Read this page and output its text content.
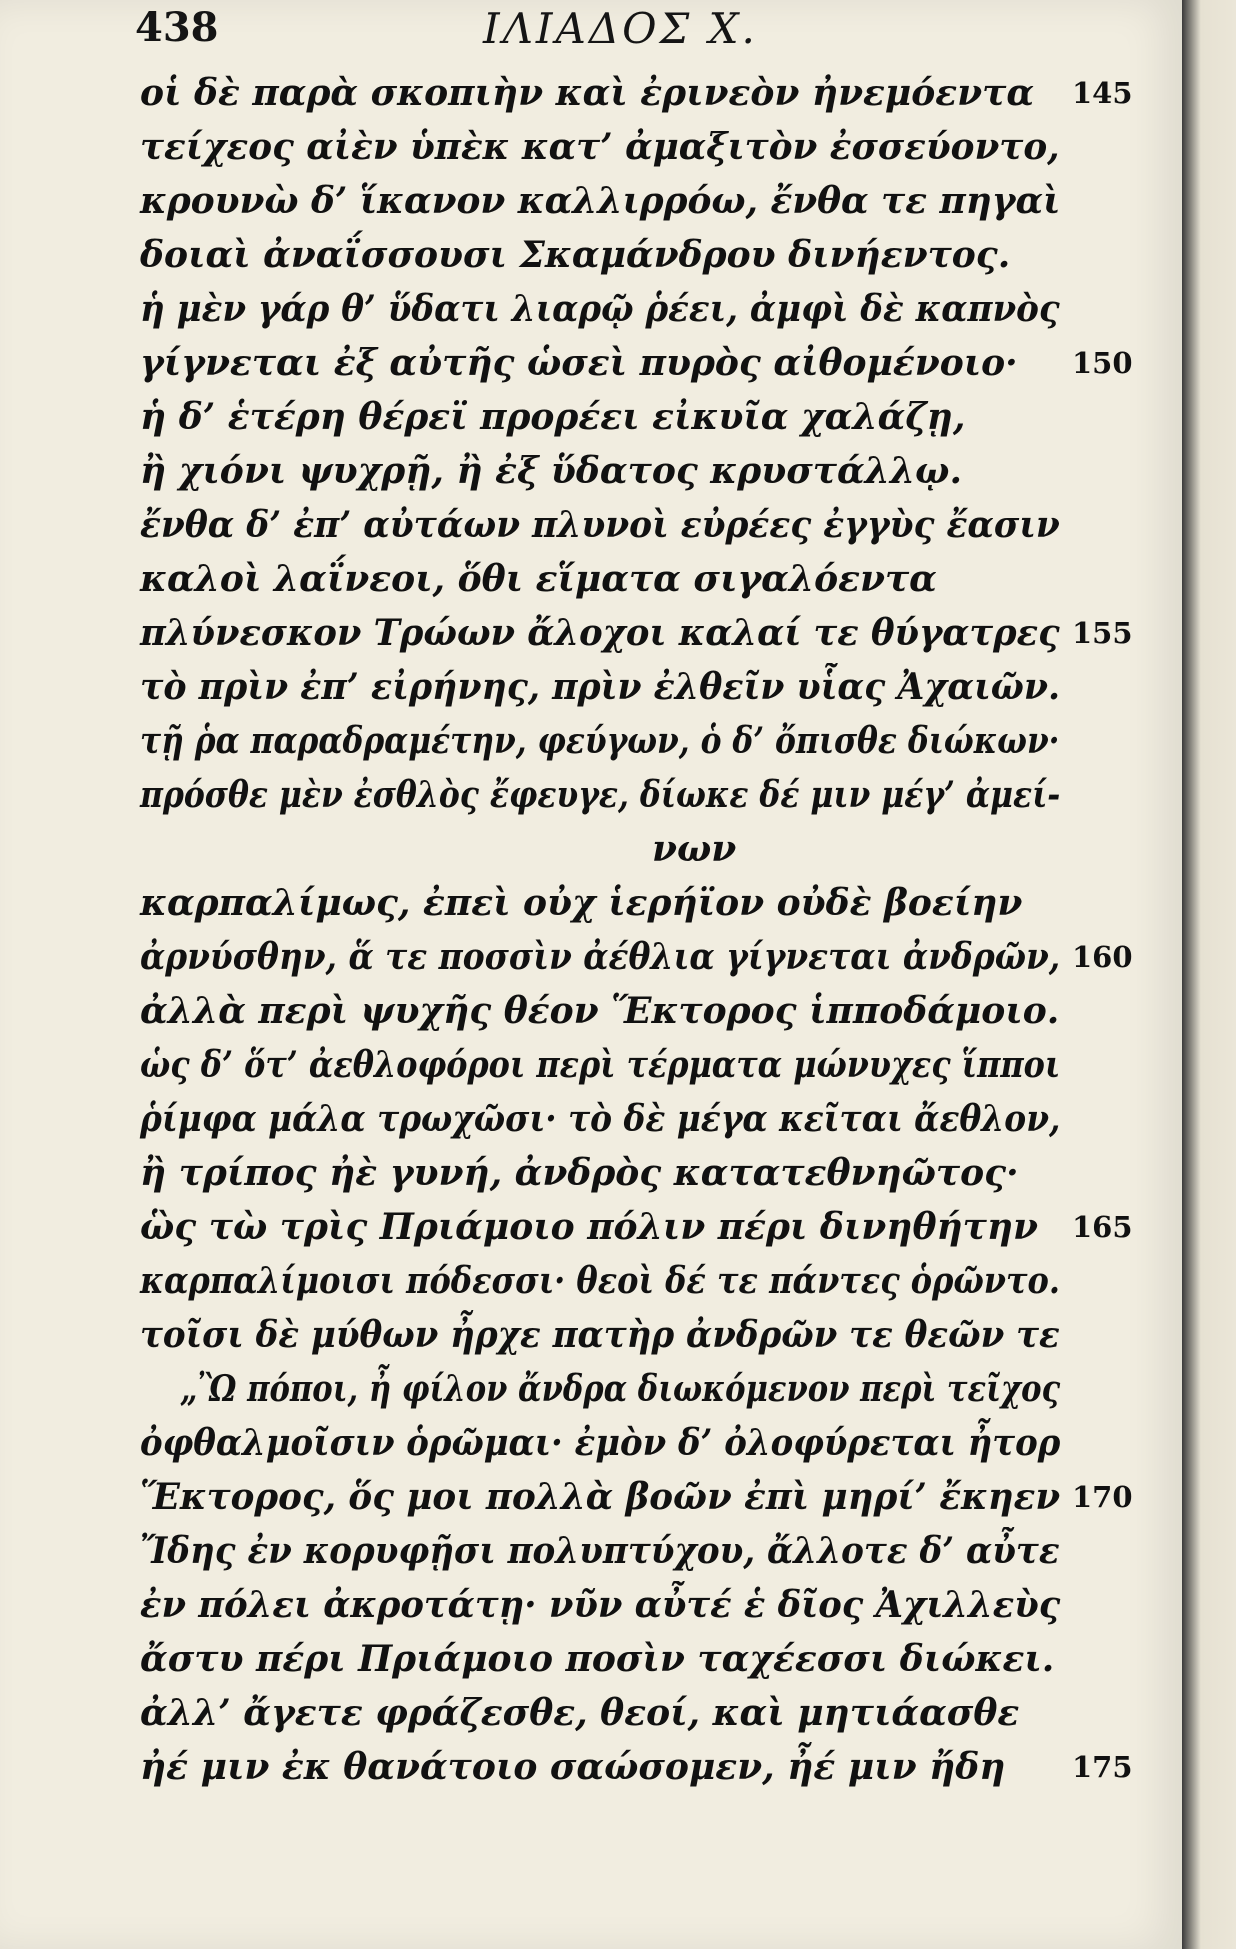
438	ΙΛΙΑΔΟΣ Χ.
οἱ δὲ παρὰ σκοπιὴν καὶ ἐρινεὸν ἠνεμόεντα 145
τείχεος αἰὲν ὑπὲκ κατ’ ἀμαξιτὸν ἐσσεύοντο,
κρουνὼ δ’ ἵκανον καλλιρρόω, ἔνθα τε πηγαὶ
δοιαὶ ἀναΐσσουσι Σκαμάνδρου δινήεντος.
ἡ μὲν γάρ θ’ ὕδατι λιαρῷ ῥέει, ἀμφὶ δὲ καπνὸς
γίγνεται ἐξ αὐτῆς ὡσεὶ πυρὸς αἰθομένοιο· 150
ἡ δ’ ἑτέρη θέρεϊ προρέει εἰκυῖα χαλάζῃ,
ἢ χιόνι ψυχρῇ, ἢ ἐξ ὕδατος κρυστάλλῳ.
ἔνθα δ’ ἐπ’ αὐτάων πλυνοὶ εὐρέες ἐγγὺς ἔασιν
καλοὶ λαΐνεοι, ὅθι εἵματα σιγαλόεντα
πλύνεσκον Τρώων ἄλοχοι καλαί τε θύγατρες 155
τὸ πρὶν ἐπ’ εἰρήνης, πρὶν ἐλθεῖν υἷας Ἀχαιῶν.
τῇ ῥα παραδραμέτην, φεύγων, ὁ δ’ ὄπισθε διώκων·
πρόσθε μὲν ἐσθλὸς ἔφευγε, δίωκε δέ μιν μέγ’ ἀμεί-
νων
καρπαλίμως, ἐπεὶ οὐχ ἱερήϊον οὐδὲ βοείην
ἀρνύσθην, ἅ τε ποσσὶν ἀέθλια γίγνεται ἀνδρῶν, 160
ἀλλὰ περὶ ψυχῆς θέον Ἕκτορος ἱπποδάμοιο.
ὡς δ’ ὅτ’ ἀεθλοφόροι περὶ τέρματα μώνυχες ἵπποι
ῥίμφα μάλα τρωχῶσι· τὸ δὲ μέγα κεῖται ἄεθλον,
ἢ τρίπος ἠὲ γυνή, ἀνδρὸς κατατεθνηῶτος·
ὣς τὼ τρὶς Πριάμοιο πόλιν πέρι δινηθήτην 165
καρπαλίμοισι πόδεσσι· θεοὶ δέ τε πάντες ὁρῶντο.
τοῖσι δὲ μύθων ἦρχε πατὴρ ἀνδρῶν τε θεῶν τε
„Ὢ πόποι, ἦ φίλον ἄνδρα διωκόμενον περὶ τεῖχος
ὀφθαλμοῖσιν ὁρῶμαι· ἐμὸν δ’ ὀλοφύρεται ἦτορ
Ἕκτορος, ὅς μοι πολλὰ βοῶν ἐπὶ μηρί’ ἔκηεν 170
Ἴδης ἐν κορυφῇσι πολυπτύχου, ἄλλοτε δ’ αὖτε
ἐν πόλει ἀκροτάτῃ· νῦν αὖτέ ἑ δῖος Ἀχιλλεὺς
ἄστυ πέρι Πριάμοιο ποσὶν ταχέεσσι διώκει.
ἀλλ’ ἄγετε φράζεσθε, θεοί, καὶ μητιάασθε
ἠέ μιν ἐκ θανάτοιο σαώσομεν, ἦέ μιν ἤδη 175
